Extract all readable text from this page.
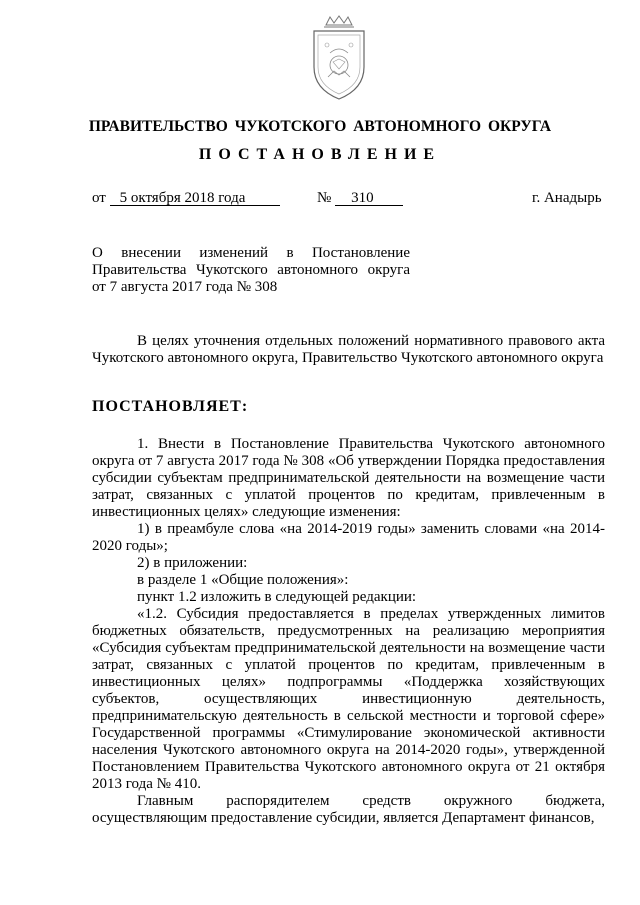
ПРАВИТЕЛЬСТВО ЧУКОТСКОГО АВТОНОМНОГО ОКРУГА
ПОСТАНОВЛЕНИЕ
от 5 октября 2018 года	№ 310	г. Анадырь
О внесении изменений в Постановление
Правительства Чукотского автономного округа
от 7 августа 2017 года № 308

В целях уточнения отдельных положений нормативного правового акта Чукотского автономного округа, Правительство Чукотского автономного округа

ПОСТАНОВЛЯЕТ:

1. Внести в Постановление Правительства Чукотского автономного округа от 7 августа 2017 года № 308 «Об утверждении Порядка предоставления субсидии субъектам предпринимательской деятельности на возмещение части затрат, связанных с уплатой процентов по кредитам, привлеченным в инвестиционных целях» следующие изменения:

1) в преамбуле слова «на 2014-2019 годы» заменить словами «на 2014-2020 годы»;

2) в приложении:

в разделе 1 «Общие положения»:

пункт 1.2 изложить в следующей редакции:

«1.2. Субсидия предоставляется в пределах утвержденных лимитов бюджетных обязательств, предусмотренных на реализацию мероприятия «Субсидия субъектам предпринимательской деятельности на возмещение части затрат, связанных с уплатой процентов по кредитам, привлеченным в инвестиционных целях» подпрограммы «Поддержка хозяйствующих субъектов, осуществляющих инвестиционную деятельность, предпринимательскую деятельность в сельской местности и торговой сфере» Государственной программы «Стимулирование экономической активности населения Чукотского автономного округа на 2014-2020 годы», утвержденной Постановлением Правительства Чукотского автономного округа от 21 октября 2013 года № 410.

Главным распорядителем средств окружного бюджета, осуществляющим предоставление субсидии, является Департамент финансов,
